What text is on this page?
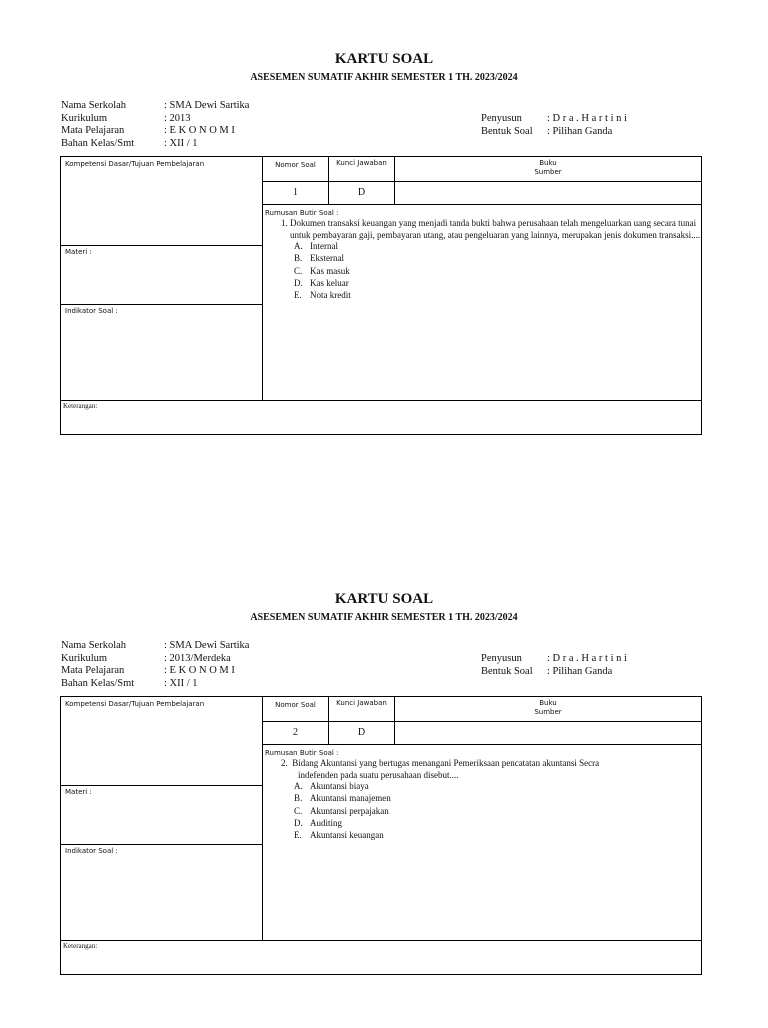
KARTU SOAL
ASESEMEN SUMATIF AKHIR SEMESTER 1 TH. 2023/2024
Nama Serkolah	: SMA Dewi Sartika
Kurikulum	: 2013
Mata Pelajaran	: E K O N O M I
Bahan Kelas/Smt	: XII / 1
Penyusun : D r a . H a r t i n i
Bentuk Soal : Pilihan Ganda
Kompetensi Dasar/Tujuan Pembelajaran
Materi :
Indikator Soal :
Nomor Soal	Kunci Jawaban	Buku Sumber
1	D
Rumusan Butir Soal :
1. Dokumen transaksi keuangan yang menjadi tanda bukti bahwa perusahaan telah mengeluarkan uang secara tunai untuk pembayaran gaji, pembayaran utang, atau pengeluaran yang lainnya, merupakan jenis dokumen transaksi....
A. Internal
B. Eksternal
C. Kas masuk
D. Kas keluar
E. Nota kredit
Keterangan:
KARTU SOAL
ASESEMEN SUMATIF AKHIR SEMESTER 1 TH. 2023/2024
Nama Serkolah	: SMA Dewi Sartika
Kurikulum	: 2013/Merdeka
Mata Pelajaran	: E K O N O M I
Bahan Kelas/Smt	: XII / 1
Penyusun : D r a . H a r t i n i
Bentuk Soal : Pilihan Ganda
Kompetensi Dasar/Tujuan Pembelajaran
Materi :
Indikator Soal :
Nomor Soal	Kunci Jawaban	Buku Sumber
2	D
Rumusan Butir Soal :
2. Bidang Akuntansi yang bertugas menangani Pemeriksaan pencatatan akuntansi Secra indefenden pada suatu perusahaan disebut....
A. Akuntansi biaya
B. Akuntansi manajemen
C. Akuntansi perpajakan
D. Auditing
E. Akuntansi keuangan
Keterangan:
